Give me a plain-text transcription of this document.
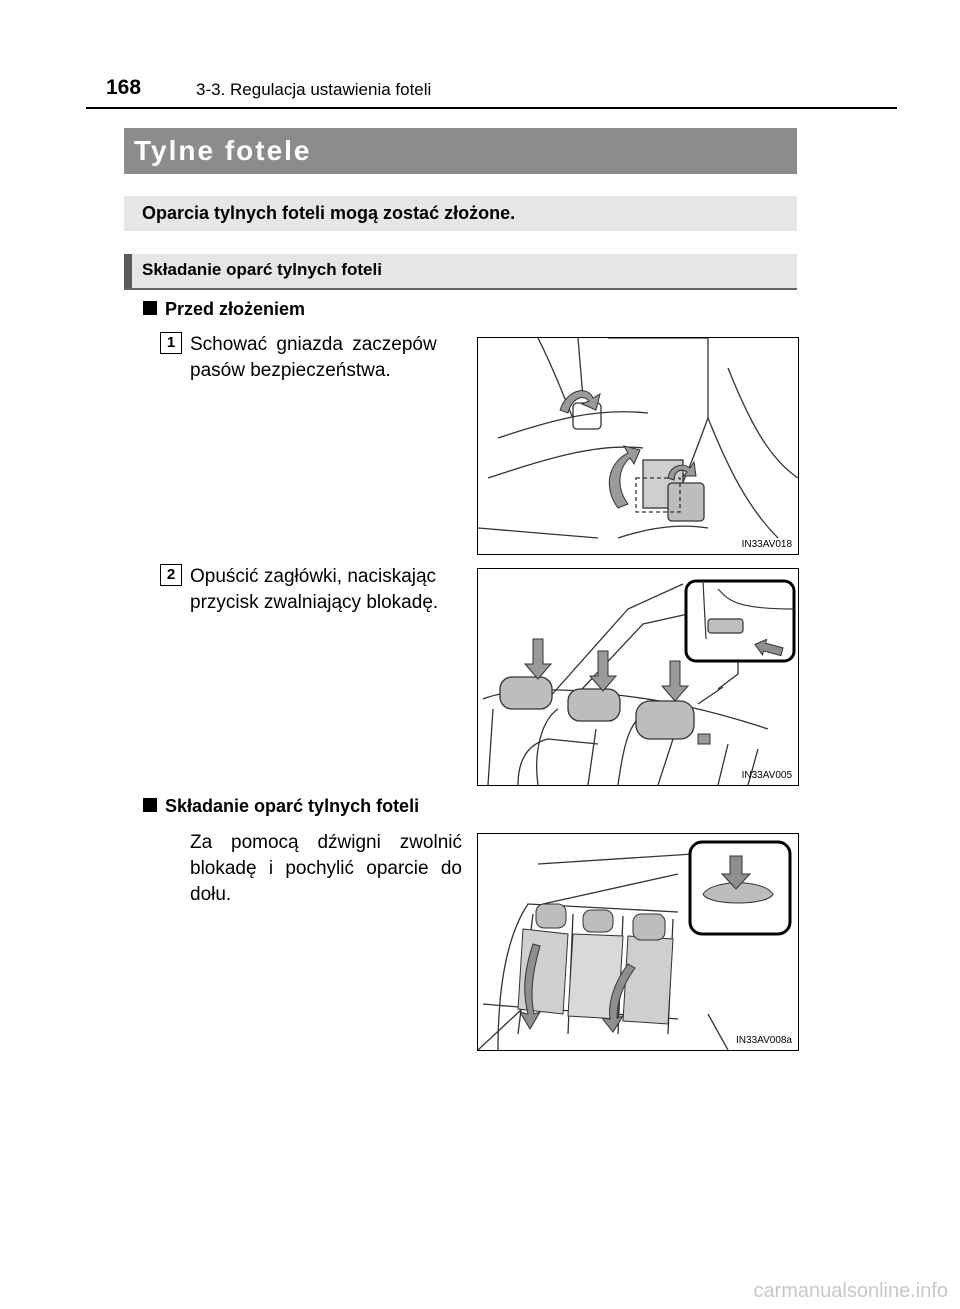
168	3-3. Regulacja ustawienia foteli
Tylne fotele
Oparcia tylnych foteli mogą zostać złożone.
Składanie oparć tylnych foteli
Przed złożeniem
1 Schować gniazda zaczepów
pasów bezpieczeństwa.
IN33AV018
2 Opuścić zagłówki, naciskając
przycisk zwalniający blokadę.
IN33AV005
Składanie oparć tylnych foteli
Za pomocą dźwigni zwolnić
blokadę i pochylić oparcie do
dołu.
IN33AV008a
carmanualsonline.info
